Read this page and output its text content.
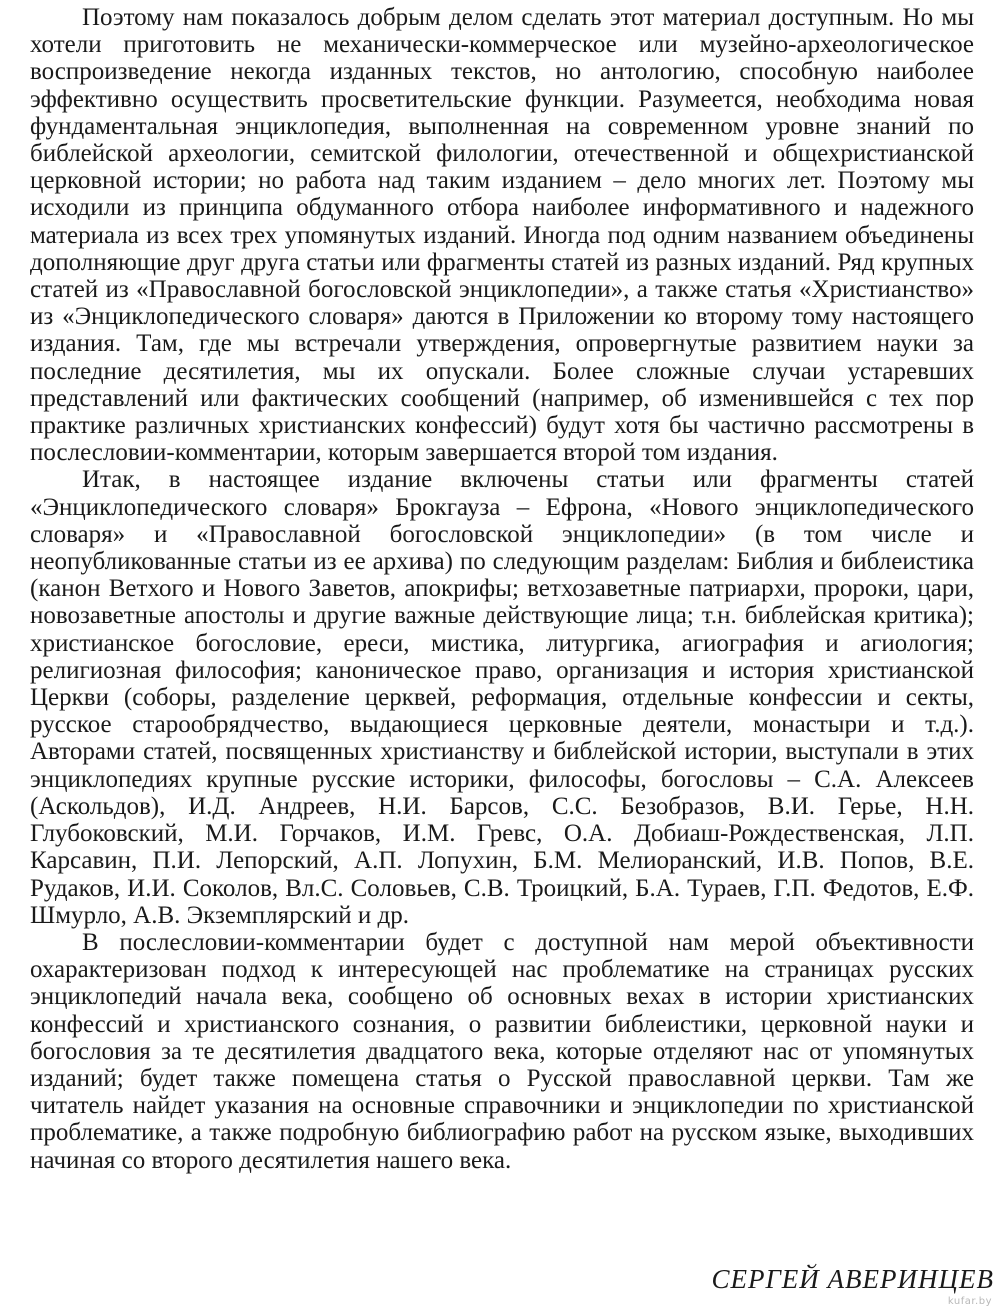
Поэтому нам показалось добрым делом сделать этот материал доступным. Но мы хотели приготовить не механически-коммерческое или музейно-археологическое воспроизведение некогда изданных текстов, но антологию, способную наиболее эффективно осуществить просветительские функции. Разумеется, необходима новая фундаментальная энциклопедия, выполненная на современном уровне знаний по библейской археологии, семитской филологии, отечественной и общехристианской церковной истории; но работа над таким изданием – дело многих лет. Поэтому мы исходили из принципа обдуманного отбора наиболее информативного и надежного материала из всех трех упомянутых изданий. Иногда под одним названием объединены дополняющие друг друга статьи или фрагменты статей из разных изданий. Ряд крупных статей из «Православной богословской энциклопедии», а также статья «Христианство» из «Энциклопедического словаря» даются в Приложении ко второму тому настоящего издания. Там, где мы встречали утверждения, опровергнутые развитием науки за последние десятилетия, мы их опускали. Более сложные случаи устаревших представлений или фактических сообщений (например, об изменившейся с тех пор практике различных христианских конфессий) будут хотя бы частично рассмотрены в послесловии-комментарии, которым завершается второй том издания.

Итак, в настоящее издание включены статьи или фрагменты статей «Энциклопедического словаря» Брокгауза – Ефрона, «Нового энциклопедического словаря» и «Православной богословской энциклопедии» (в том числе и неопубликованные статьи из ее архива) по следующим разделам: Библия и библеистика (канон Ветхого и Нового Заветов, апокрифы; ветхозаветные патриархи, пророки, цари, новозаветные апостолы и другие важные действующие лица; т.н. библейская критика); христианское богословие, ереси, мистика, литургика, агиография и агиология; религиозная философия; каноническое право, организация и история христианской Церкви (соборы, разделение церквей, реформация, отдельные конфессии и секты, русское старообрядчество, выдающиеся церковные деятели, монастыри и т.д.). Авторами статей, посвященных христианству и библейской истории, выступали в этих энциклопедиях крупные русские историки, философы, богословы – С.А. Алексеев (Аскольдов), И.Д. Андреев, Н.И. Барсов, С.С. Безобразов, В.И. Герье, Н.Н. Глубоковский, М.И. Горчаков, И.М. Гревс, О.А. Добиаш-Рождественская, Л.П. Карсавин, П.И. Лепорский, А.П. Лопухин, Б.М. Мелиоранский, И.В. Попов, В.Е. Рудаков, И.И. Соколов, Вл.С. Соловьев, С.В. Троицкий, Б.А. Тураев, Г.П. Федотов, Е.Ф. Шмурло, А.В. Экземплярский и др.

В послесловии-комментарии будет с доступной нам мерой объективности охарактеризован подход к интересующей нас проблематике на страницах русских энциклопедий начала века, сообщено об основных вехах в истории христианских конфессий и христианского сознания, о развитии библеистики, церковной науки и богословия за те десятилетия двадцатого века, которые отделяют нас от упомянутых изданий; будет также помещена статья о Русской православной церкви. Там же читатель найдет указания на основные справочники и энциклопедии по христианской проблематике, а также подробную библиографию работ на русском языке, выходивших начиная со второго десятилетия нашего века.

СЕРГЕЙ АВЕРИНЦЕВ

kufar.by
